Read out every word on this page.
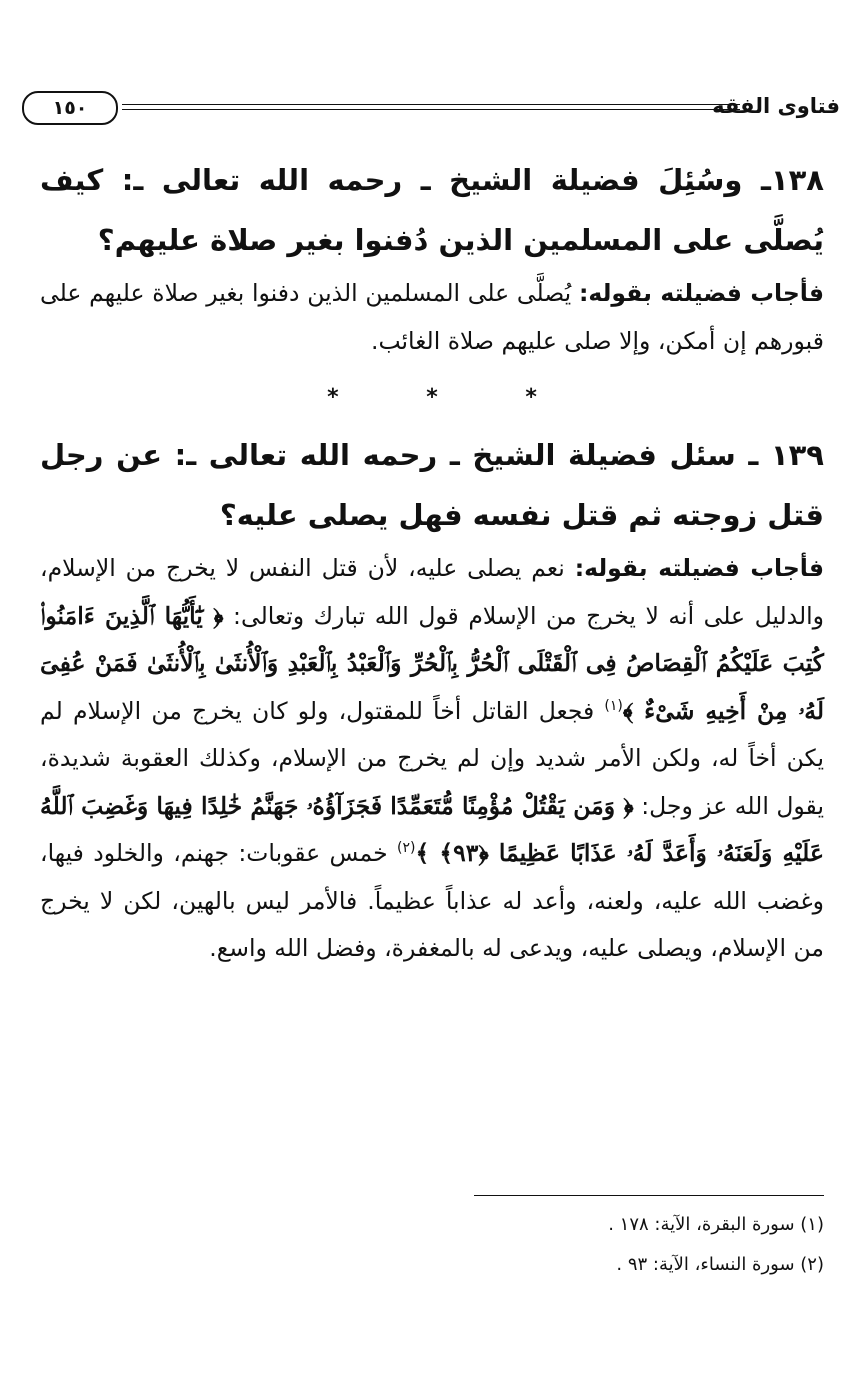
فتاوى الفقه
١٥٠

١٣٨ـ وسُئِلَ فضيلة الشيخ ـ رحمه الله تعالى ـ: كيف يُصلَّى على المسلمين الذين دُفنوا بغير صلاة عليهم؟

فأجاب فضيلته بقوله: يُصلَّى على المسلمين الذين دفنوا بغير صلاة عليهم على قبورهم إن أمكن، وإلا صلى عليهم صلاة الغائب.

* * *

١٣٩ ـ سئل فضيلة الشيخ ـ رحمه الله تعالى ـ: عن رجل قتل زوجته ثم قتل نفسه فهل يصلى عليه؟

فأجاب فضيلته بقوله: نعم يصلى عليه، لأن قتل النفس لا يخرج من الإسلام، والدليل على أنه لا يخرج من الإسلام قول الله تبارك وتعالى: ﴿ يَٰٓأَيُّهَا ٱلَّذِينَ ءَامَنُوا۟ كُتِبَ عَلَيْكُمُ ٱلْقِصَاصُ فِى ٱلْقَتْلَى ٱلْحُرُّ بِٱلْحُرِّ وَٱلْعَبْدُ بِٱلْعَبْدِ وَٱلْأُنثَىٰ بِٱلْأُنثَىٰ فَمَنْ عُفِىَ لَهُۥ مِنْ أَخِيهِ شَىْءٌ ﴾$^{(١)}$ فجعل القاتل أخاً للمقتول، ولو كان يخرج من الإسلام لم يكن أخاً له، ولكن الأمر شديد وإن لم يخرج من الإسلام، وكذلك العقوبة شديدة، يقول الله عز وجل: ﴿ وَمَن يَقْتُلْ مُؤْمِنًا مُّتَعَمِّدًا فَجَزَآؤُهُۥ جَهَنَّمُ خَٰلِدًا فِيهَا وَغَضِبَ ٱللَّهُ عَلَيْهِ وَلَعَنَهُۥ وَأَعَدَّ لَهُۥ عَذَابًا عَظِيمًا ﴿٩٣﴾ ﴾$^{(٢)}$ خمس عقوبات: جهنم، والخلود فيها، وغضب الله عليه، ولعنه، وأعد له عذاباً عظيماً. فالأمر ليس بالهين، لكن لا يخرج من الإسلام، ويصلى عليه، ويدعى له بالمغفرة، وفضل الله واسع.

(١) سورة البقرة، الآية: ١٧٨ .
(٢) سورة النساء، الآية: ٩٣ .
